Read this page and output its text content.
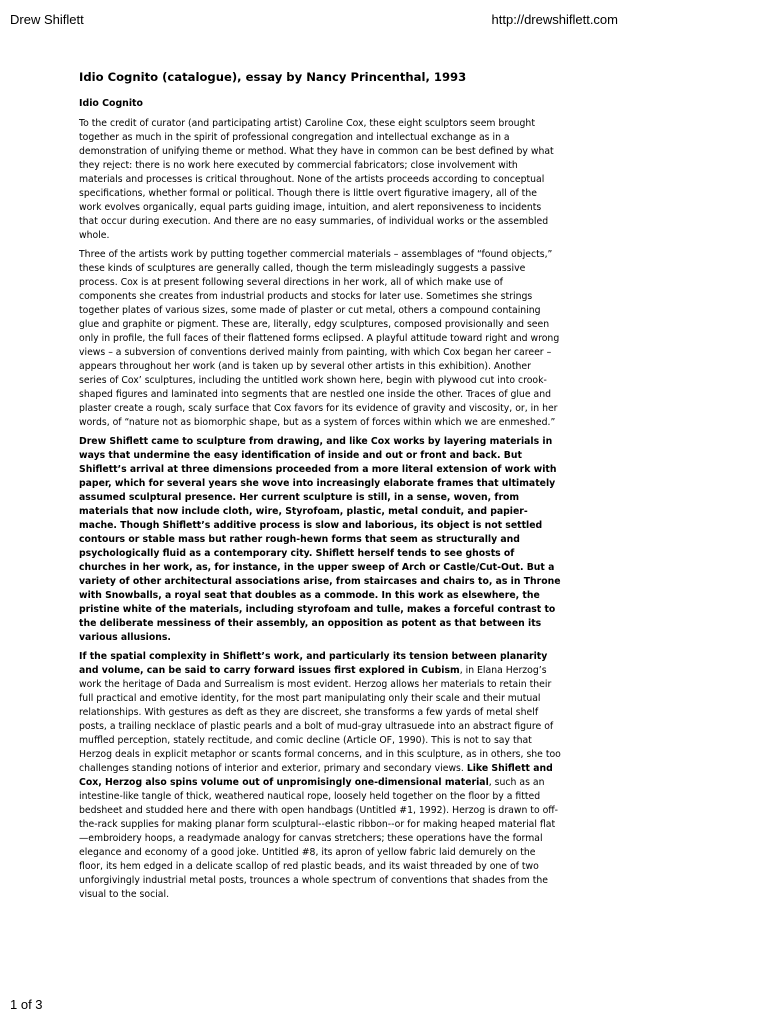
Drew Shiflett	http://drewshiflett.com
Idio Cognito (catalogue), essay by Nancy Princenthal, 1993
Idio Cognito

To the credit of curator (and participating artist) Caroline Cox, these eight sculptors seem brought together as much in the spirit of professional congregation and intellectual exchange as in a demonstration of unifying theme or method. What they have in common can be best defined by what they reject: there is no work here executed by commercial fabricators; close involvement with materials and processes is critical throughout. None of the artists proceeds according to conceptual specifications, whether formal or political. Though there is little overt figurative imagery, all of the work evolves organically, equal parts guiding image, intuition, and alert reponsiveness to incidents that occur during execution. And there are no easy summaries, of individual works or the assembled whole.

Three of the artists work by putting together commercial materials – assemblages of “found objects,” these kinds of sculptures are generally called, though the term misleadingly suggests a passive process. Cox is at present following several directions in her work, all of which make use of components she creates from industrial products and stocks for later use. Sometimes she strings together plates of various sizes, some made of plaster or cut metal, others a compound containing glue and graphite or pigment. These are, literally, edgy sculptures, composed provisionally and seen only in profile, the full faces of their flattened forms eclipsed. A playful attitude toward right and wrong views – a subversion of conventions derived mainly from painting, with which Cox began her career – appears throughout her work (and is taken up by several other artists in this exhibition). Another series of Cox’ sculptures, including the untitled work shown here, begin with plywood cut into crook-shaped figures and laminated into segments that are nestled one inside the other. Traces of glue and plaster create a rough, scaly surface that Cox favors for its evidence of gravity and viscosity, or, in her words, of “nature not as biomorphic shape, but as a system of forces within which we are enmeshed.”

Drew Shiflett came to sculpture from drawing, and like Cox works by layering materials in ways that undermine the easy identification of inside and out or front and back. But Shiflett’s arrival at three dimensions proceeded from a more literal extension of work with paper, which for several years she wove into increasingly elaborate frames that ultimately assumed sculptural presence. Her current sculpture is still, in a sense, woven, from materials that now include cloth, wire, Styrofoam, plastic, metal conduit, and papier-mache. Though Shiflett’s additive process is slow and laborious, its object is not settled contours or stable mass but rather rough-hewn forms that seem as structurally and psychologically fluid as a contemporary city. Shiflett herself tends to see ghosts of churches in her work, as, for instance, in the upper sweep of Arch or Castle/Cut-Out. But a variety of other architectural associations arise, from staircases and chairs to, as in Throne with Snowballs, a royal seat that doubles as a commode. In this work as elsewhere, the pristine white of the materials, including styrofoam and tulle, makes a forceful contrast to the deliberate messiness of their assembly, an opposition as potent as that between its various allusions.

If the spatial complexity in Shiflett’s work, and particularly its tension between planarity and volume, can be said to carry forward issues first explored in Cubism, in Elana Herzog’s work the heritage of Dada and Surrealism is most evident. Herzog allows her materials to retain their full practical and emotive identity, for the most part manipulating only their scale and their mutual relationships. With gestures as deft as they are discreet, she transforms a few yards of metal shelf posts, a trailing necklace of plastic pearls and a bolt of mud-gray ultrasuede into an abstract figure of muffled perception, stately rectitude, and comic decline (Article OF, 1990). This is not to say that Herzog deals in explicit metaphor or scants formal concerns, and in this sculpture, as in others, she too challenges standing notions of interior and exterior, primary and secondary views. Like Shiflett and Cox, Herzog also spins volume out of unpromisingly one-dimensional material, such as an intestine-like tangle of thick, weathered nautical rope, loosely held together on the floor by a fitted bedsheet and studded here and there with open handbags (Untitled #1, 1992). Herzog is drawn to off-the-rack supplies for making planar form sculptural--elastic ribbon--or for making heaped material flat—embroidery hoops, a readymade analogy for canvas stretchers; these operations have the formal elegance and economy of a good joke. Untitled #8, its apron of yellow fabric laid demurely on the floor, its hem edged in a delicate scallop of red plastic beads, and its waist threaded by one of two unforgivingly industrial metal posts, trounces a whole spectrum of conventions that shades from the visual to the social.

1 of 3
